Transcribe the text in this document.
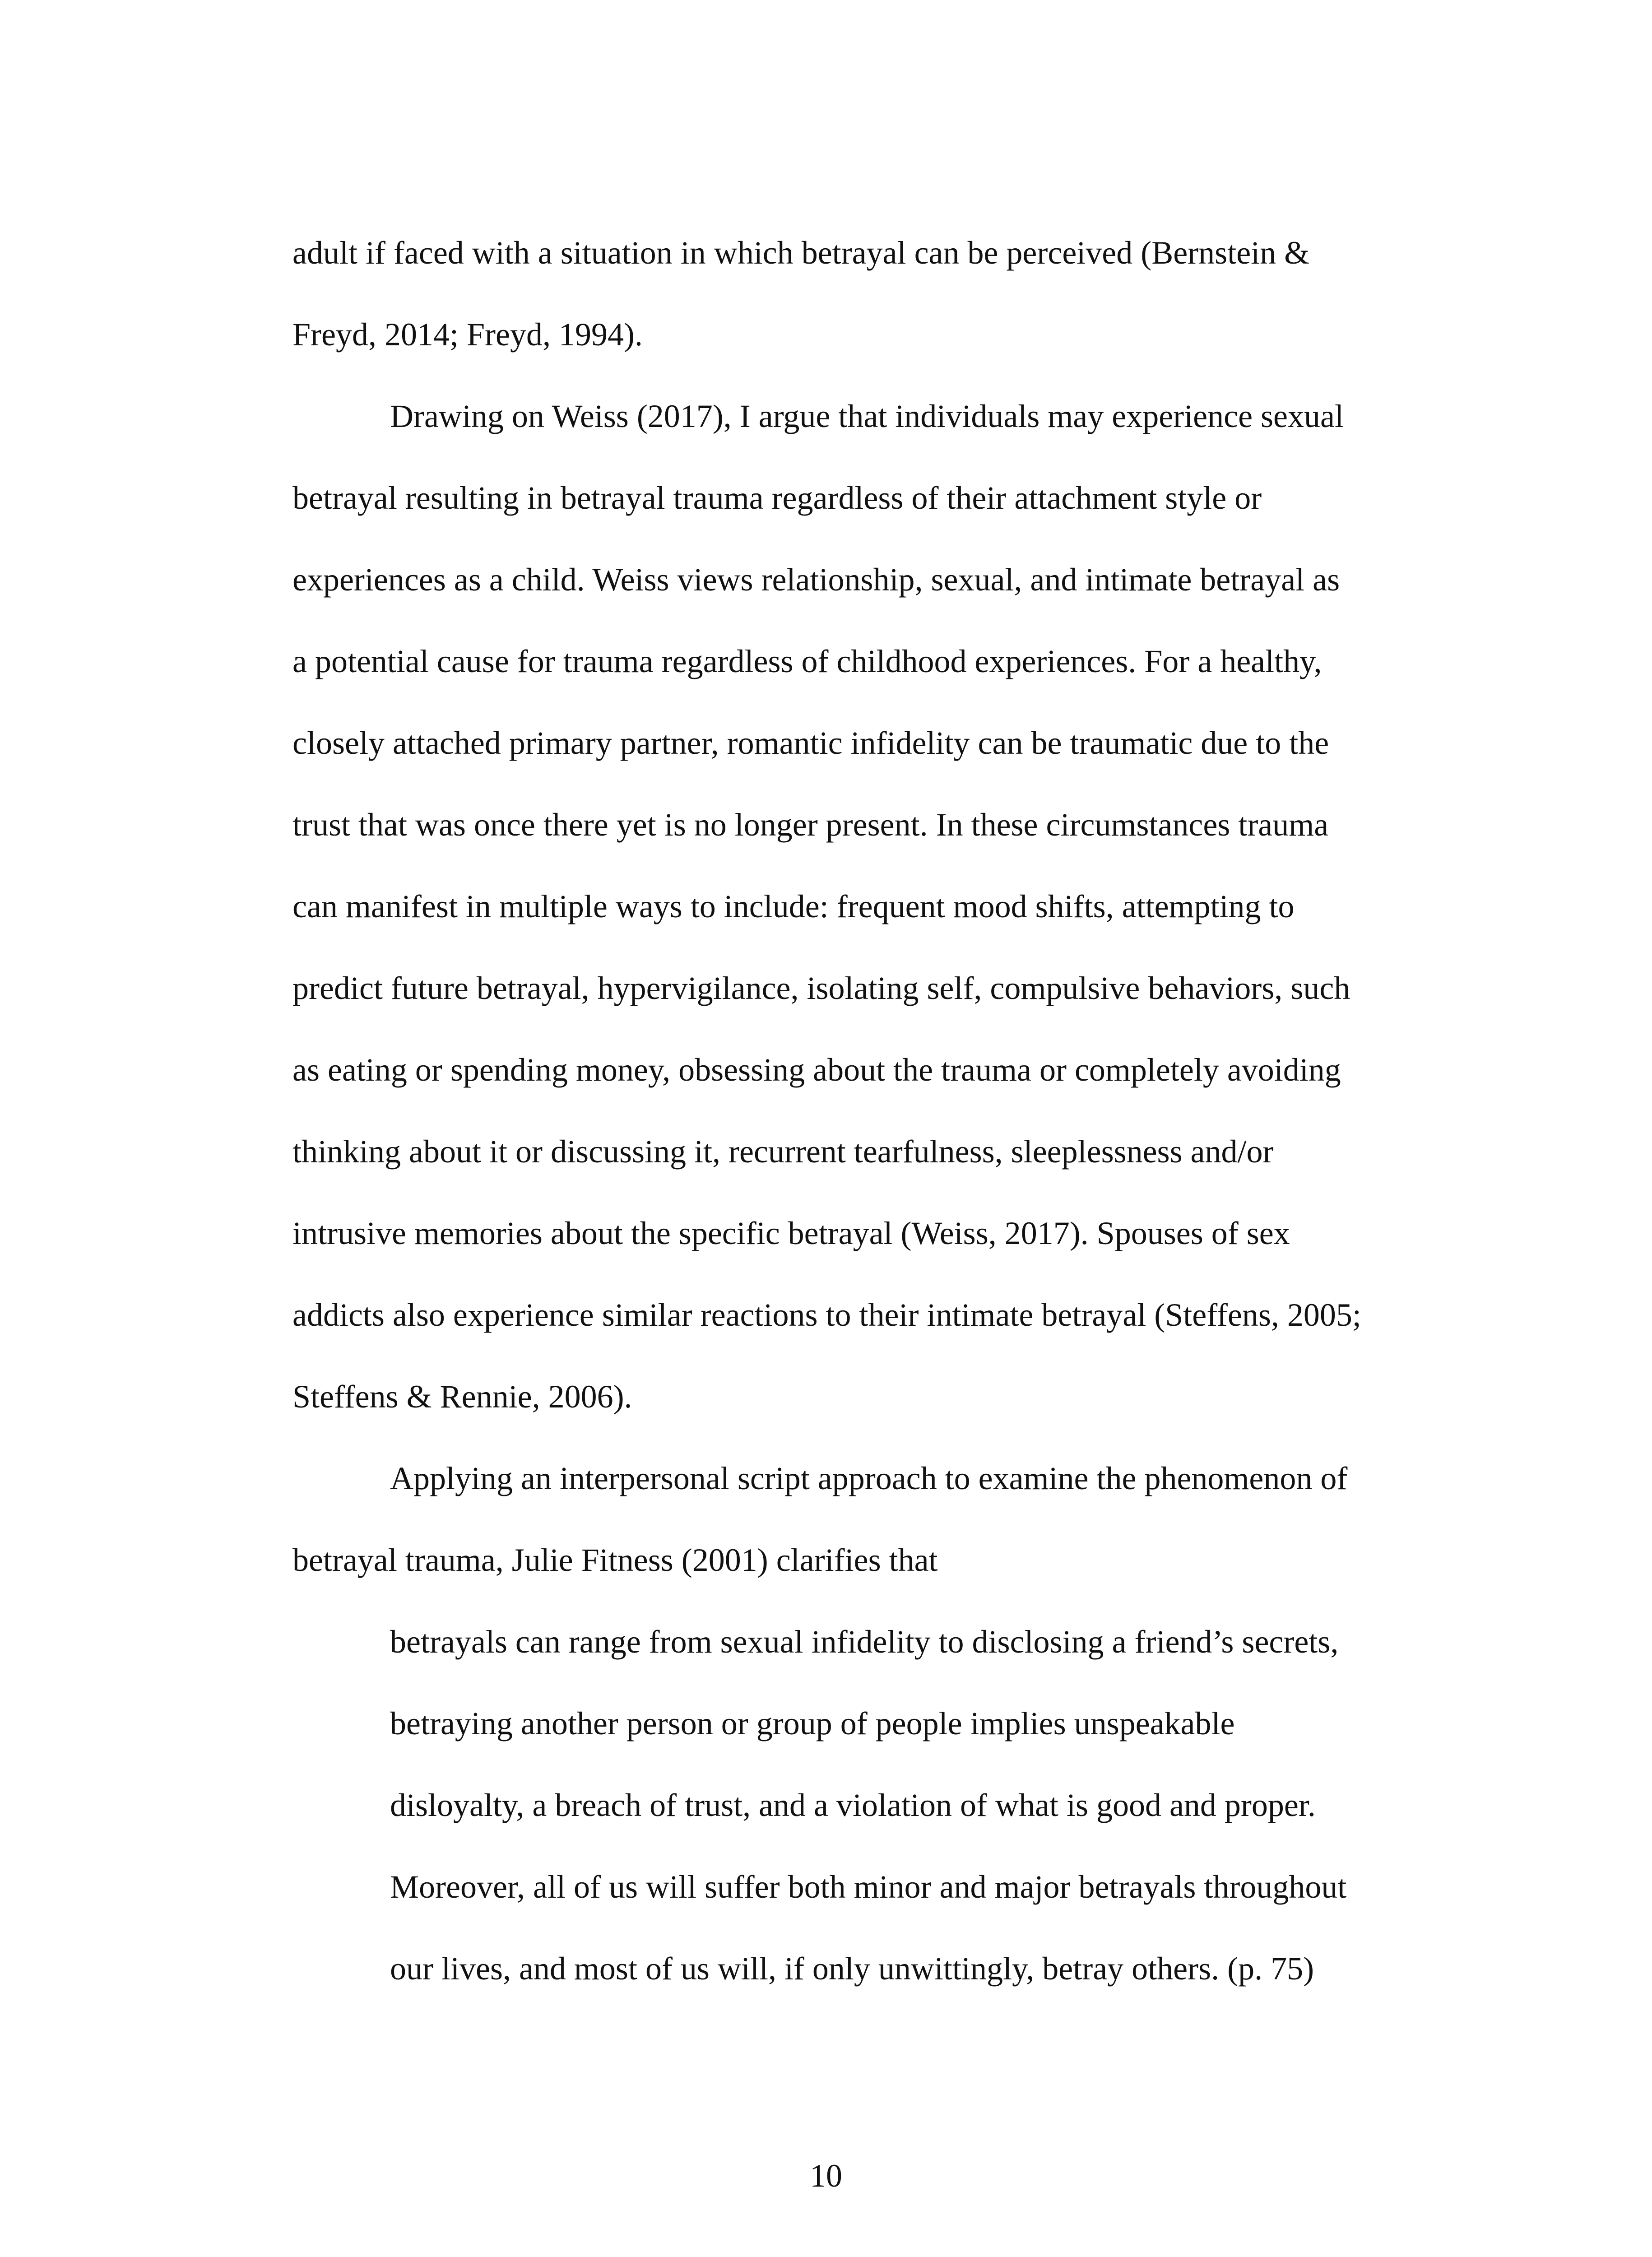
adult if faced with a situation in which betrayal can be perceived (Bernstein &
Freyd, 2014; Freyd, 1994).

Drawing on Weiss (2017), I argue that individuals may experience sexual
betrayal resulting in betrayal trauma regardless of their attachment style or
experiences as a child. Weiss views relationship, sexual, and intimate betrayal as
a potential cause for trauma regardless of childhood experiences. For a healthy,
closely attached primary partner, romantic infidelity can be traumatic due to the
trust that was once there yet is no longer present. In these circumstances trauma
can manifest in multiple ways to include: frequent mood shifts, attempting to
predict future betrayal, hypervigilance, isolating self, compulsive behaviors, such
as eating or spending money, obsessing about the trauma or completely avoiding
thinking about it or discussing it, recurrent tearfulness, sleeplessness and/or
intrusive memories about the specific betrayal (Weiss, 2017). Spouses of sex
addicts also experience similar reactions to their intimate betrayal (Steffens, 2005;
Steffens & Rennie, 2006).

Applying an interpersonal script approach to examine the phenomenon of
betrayal trauma, Julie Fitness (2001) clarifies that

betrayals can range from sexual infidelity to disclosing a friend’s secrets,
betraying another person or group of people implies unspeakable
disloyalty, a breach of trust, and a violation of what is good and proper.
Moreover, all of us will suffer both minor and major betrayals throughout
our lives, and most of us will, if only unwittingly, betray others. (p. 75)

10
